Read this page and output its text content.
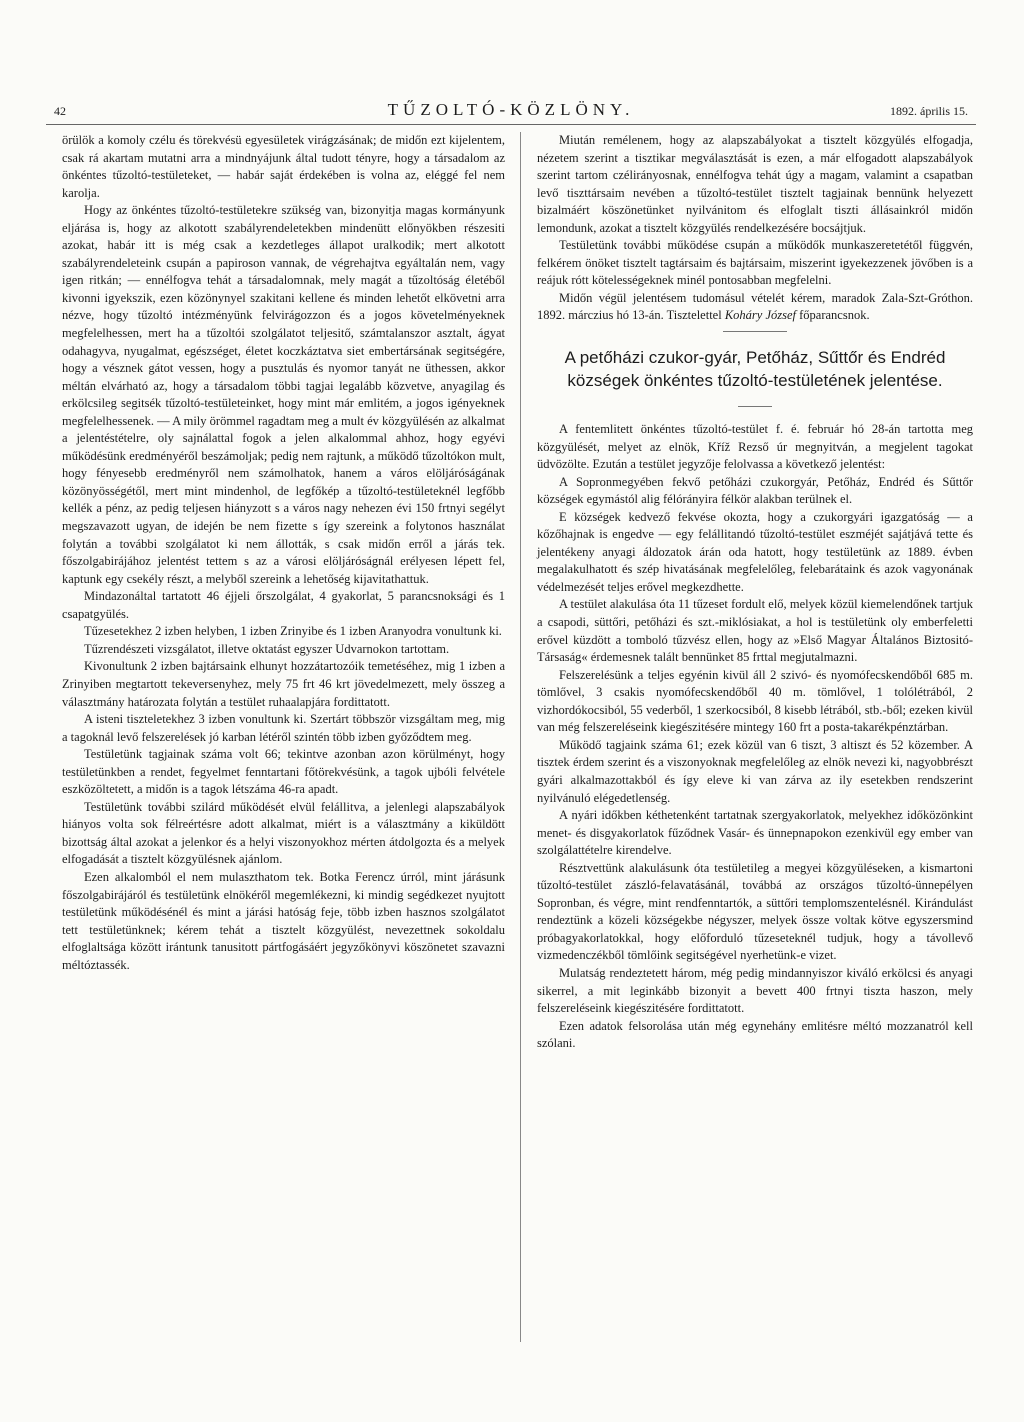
42	TŰZOLTÓ-KÖZLÖNY.	1892. április 15.

örülök a komoly czélu és törekvésü egyesületek virágzásának; de midőn ezt kijelentem, csak rá akartam mutatni arra a mindnyájunk által tudott tényre, hogy a társadalom az önkéntes tűzoltó-testületeket, — habár saját érdekében is volna az, eléggé fel nem karolja.

Hogy az önkéntes tűzoltó-testületekre szükség van, bizonyitja magas kormányunk eljárása is, hogy az alkotott szabályrendeletekben mindenütt előnyökben részesiti azokat, habár itt is még csak a kezdetleges állapot uralkodik; mert alkotott szabályrendeleteink csupán a papiroson vannak, de végrehajtva egyáltalán nem, vagy igen ritkán; — ennélfogva tehát a társadalomnak, mely magát a tűzoltóság életéből kivonni igyekszik, ezen közönynyel szakitani kellene és minden lehetőt elkövetni arra nézve, hogy tűzoltó intézményünk felvirágozzon és a jogos követelményeknek megfelelhessen, mert ha a tűzoltói szolgálatot teljesitő, számtalanszor asztalt, ágyat odahagyva, nyugalmat, egészséget, életet koczkáztatva siet embertársának segitségére, hogy a vésznek gátot vessen, hogy a pusztulás és nyomor tanyát ne üthessen, akkor méltán elvárható az, hogy a társadalom többi tagjai legalább közvetve, anyagilag és erkölcsileg segitsék tűzoltó-testületeinket, hogy mint már emlitém, a jogos igényeknek megfelelhessenek. — A mily örömmel ragadtam meg a mult év közgyülésén az alkalmat a jelentéstételre, oly sajnálattal fogok a jelen alkalommal ahhoz, hogy egyévi működésünk eredményéről beszámoljak; pedig nem rajtunk, a működő tűzoltókon mult, hogy fényesebb eredményről nem számolhatok, hanem a város elöljáróságának közönyösségétől, mert mint mindenhol, de legfőkép a tűzoltó-testületeknél legfőbb kellék a pénz, az pedig teljesen hiányzott s a város nagy nehezen évi 150 frtnyi segélyt megszavazott ugyan, de idején be nem fizette s így szereink a folytonos használat folytán a további szolgálatot ki nem állották, s csak midőn erről a járás tek. főszolgabirájához jelentést tettem s az a városi elöljáróságnál erélyesen lépett fel, kaptunk egy csekély részt, a melyből szereink a lehetőség kijavitathattuk.

Mindazonáltal tartatott 46 éjjeli őrszolgálat, 4 gyakorlat, 5 parancsnoksági és 1 csapatgyülés.

Tűzesetekhez 2 izben helyben, 1 izben Zrinyibe és 1 izben Aranyodra vonultunk ki.

Tűzrendészeti vizsgálatot, illetve oktatást egyszer Udvarnokon tartottam.

Kivonultunk 2 izben bajtársaink elhunyt hozzátartozóik temetéséhez, mig 1 izben a Zrinyiben megtartott tekeversenyhez, mely 75 frt 46 krt jövedelmezett, mely összeg a választmány határozata folytán a testület ruhaalapjára fordittatott.

A isteni tiszteletekhez 3 izben vonultunk ki. Szertárt többször vizsgáltam meg, mig a tagoknál levő felszerelések jó karban létéről szintén több izben győződtem meg.

Testületünk tagjainak száma volt 66; tekintve azonban azon körülményt, hogy testületünkben a rendet, fegyelmet fenntartani főtörekvésünk, a tagok ujbóli felvétele eszközöltetett, a midőn is a tagok létszáma 46-ra apadt.

Testületünk további szilárd működését elvül felállitva, a jelenlegi alapszabályok hiányos volta sok félreértésre adott alkalmat, miért is a választmány a kiküldött bizottság által azokat a jelenkor és a helyi viszonyokhoz mérten átdolgozta és a melyek elfogadását a tisztelt közgyülésnek ajánlom.

Ezen alkalomból el nem mulaszthatom tek. Botka Ferencz úrról, mint járásunk főszolgabirájáról és testületünk elnökéről megemlékezni, ki mindig segédkezet nyujtott testületünk működésénél és mint a járási hatóság feje, több izben hasznos szolgálatot tett testületünknek; kérem tehát a tisztelt közgyülést, nevezettnek sokoldalu elfoglaltsága között irántunk tanusitott pártfogásáért jegyzőkönyvi köszönetet szavazni méltóztassék.

Miután remélenem, hogy az alapszabályokat a tisztelt közgyülés elfogadja, nézetem szerint a tisztikar megválasztását is ezen, a már elfogadott alapszabályok szerint tartom czélirányosnak, ennélfogva tehát úgy a magam, valamint a csapatban levő tiszttársaim nevében a tűzoltó-testület tisztelt tagjainak bennünk helyezett bizalmáért köszönetünket nyilvánitom és elfoglalt tiszti állásainkról midőn lemondunk, azokat a tisztelt közgyülés rendelkezésére bocsájtjuk.

Testületünk további működése csupán a működők munkaszeretetétől függvén, felkérem önöket tisztelt tagtársaim és bajtársaim, miszerint igyekezzenek jövőben is a reájuk rótt kötelességeknek minél pontosabban megfelelni.

Midőn végül jelentésem tudomásul vételét kérem, maradok Zala-Szt-Gróthon. 1892. márczius hó 13-án. Tisztelettel Koháry József főparancsnok.

A petőházi czukor-gyár, Petőház, Sűttőr és Endréd községek önkéntes tűzoltó-testületének jelentése.

A fentemlitett önkéntes tűzoltó-testület f. é. február hó 28-án tartotta meg közgyülését, melyet az elnök, Kříž Rezső úr megnyitván, a megjelent tagokat üdvözölte. Ezután a testület jegyzője felolvassa a következő jelentést:

A Sopronmegyében fekvő petőházi czukorgyár, Petőház, Endréd és Sűttőr községek egymástól alig félórányira félkör alakban terülnek el.

E községek kedvező fekvése okozta, hogy a czukorgyári igazgatóság — a kőzőhajnak is engedve — egy felállitandó tűzoltó-testület eszméjét sajátjává tette és jelentékeny anyagi áldozatok árán oda hatott, hogy testületünk az 1889. évben megalakulhatott és szép hivatásának megfelelőleg, felebarátaink és azok vagyonának védelmezését teljes erővel megkezdhette.

A testület alakulása óta 11 tűzeset fordult elő, melyek közül kiemelendőnek tartjuk a csapodi, süttőri, petőházi és szt.-miklósiakat, a hol is testületünk oly emberfeletti erővel küzdött a tomboló tűzvész ellen, hogy az »Első Magyar Általános Biztositó-Társaság« érdemesnek talált bennünket 85 frttal megjutalmazni.

Felszerelésünk a teljes egyénin kivül áll 2 szivó- és nyomófecskendőből 685 m. tömlővel, 3 csakis nyomófecskendőből 40 m. tömlővel, 1 tolólétrából, 2 vizhordókocsiból, 55 vederből, 1 szerkocsiból, 8 kisebb létrából, stb.-ből; ezeken kivül van még felszereléseink kiegészitésére mintegy 160 frt a posta-takarékpénztárban.

Működő tagjaink száma 61; ezek közül van 6 tiszt, 3 altiszt és 52 közember. A tisztek érdem szerint és a viszonyoknak megfelelőleg az elnök nevezi ki, nagyobbrészt gyári alkalmazottakból és így eleve ki van zárva az ily esetekben rendszerint nyilvánuló elégedetlenség.

A nyári időkben kéthetenként tartatnak szergyakorlatok, melyekhez időközönkint menet- és disgyakorlatok fűződnek Vasár- és ünnepnapokon ezenkivül egy ember van szolgálattételre kirendelve.

Résztvettünk alakulásunk óta testületileg a megyei közgyüléseken, a kismartoni tűzoltó-testület zászló-felavatásánál, továbbá az országos tűzoltó-ünnepélyen Sopronban, és végre, mint rendfenntartók, a süttőri templomszentelésnél. Kirándulást rendeztünk a közeli községekbe négyszer, melyek össze voltak kötve egyszersmind próbagyakorlatokkal, hogy előforduló tűzeseteknél tudjuk, hogy a távollevő vizmedenczékből tömlőink segitségével nyerhetünk-e vizet.

Mulatság rendeztetett három, még pedig mindannyiszor kiváló erkölcsi és anyagi sikerrel, a mit leginkább bizonyit a bevett 400 frtnyi tiszta haszon, mely felszereléseink kiegészitésére fordittatott.

Ezen adatok felsorolása után még egynehány emlitésre méltó mozzanatról kell szólani.
